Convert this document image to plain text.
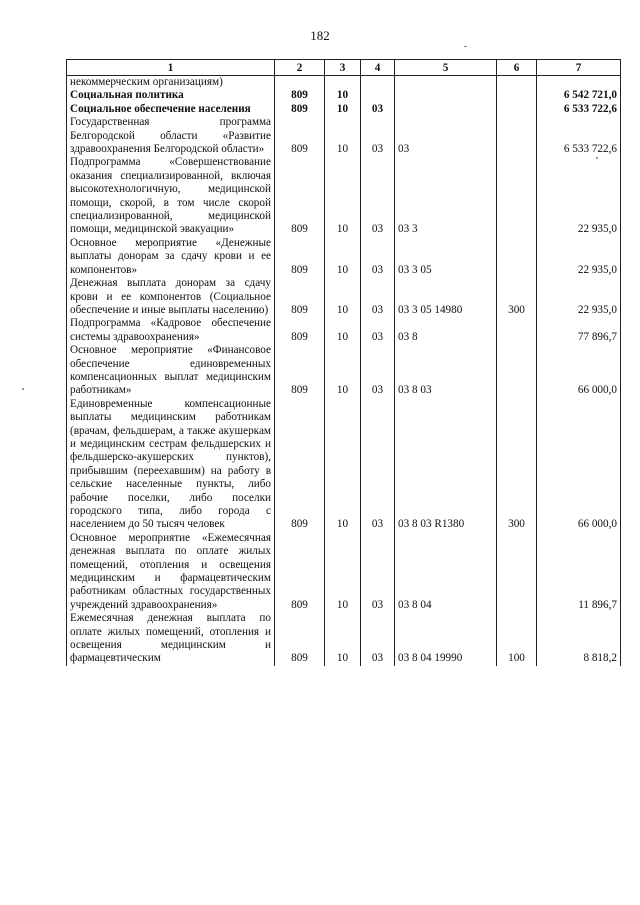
182
1	2	3	4	5	6	7
некоммерческим организациям)						
Социальная политика	809	10				6 542 721,0
Социальное обеспечение населения	809	10	03			6 533 722,6
Государственная программа Белгородской области «Развитие здравоохранения Белгородской области»	809	10	03	03		6 533 722,6
Подпрограмма «Совершенствование оказания специализированной, включая высокотехнологичную, медицинской помощи, скорой, в том числе скорой специализированной, медицинской помощи, медицинской эвакуации»	809	10	03	03 3		22 935,0
Основное мероприятие «Денежные выплаты донорам за сдачу крови и ее компонентов»	809	10	03	03 3 05		22 935,0
Денежная выплата донорам за сдачу крови и ее компонентов (Социальное обеспечение и иные выплаты населению)	809	10	03	03 3 05 14980	300	22 935,0
Подпрограмма «Кадровое обеспечение системы здравоохранения»	809	10	03	03 8		77 896,7
Основное мероприятие «Финансовое обеспечение единовременных компенсационных выплат медицинским работникам»	809	10	03	03 8 03		66 000,0
Единовременные компенсационные выплаты медицинским работникам (врачам, фельдшерам, а также акушеркам и медицинским сестрам фельдшерских и фельдшерско-акушерских пунктов), прибывшим (переехавшим) на работу в сельские населенные пункты, либо рабочие поселки, либо поселки городского типа, либо города с населением до 50 тысяч человек	809	10	03	03 8 03 R1380	300	66 000,0
Основное мероприятие «Ежемесячная денежная выплата по оплате жилых помещений, отопления и освещения медицинским и фармацевтическим работникам областных государственных учреждений здравоохранения»	809	10	03	03 8 04		11 896,7
Ежемесячная денежная выплата по оплате жилых помещений, отопления и освещения медицинским и фармацевтическим	809	10	03	03 8 04 19990	100	8 818,2
